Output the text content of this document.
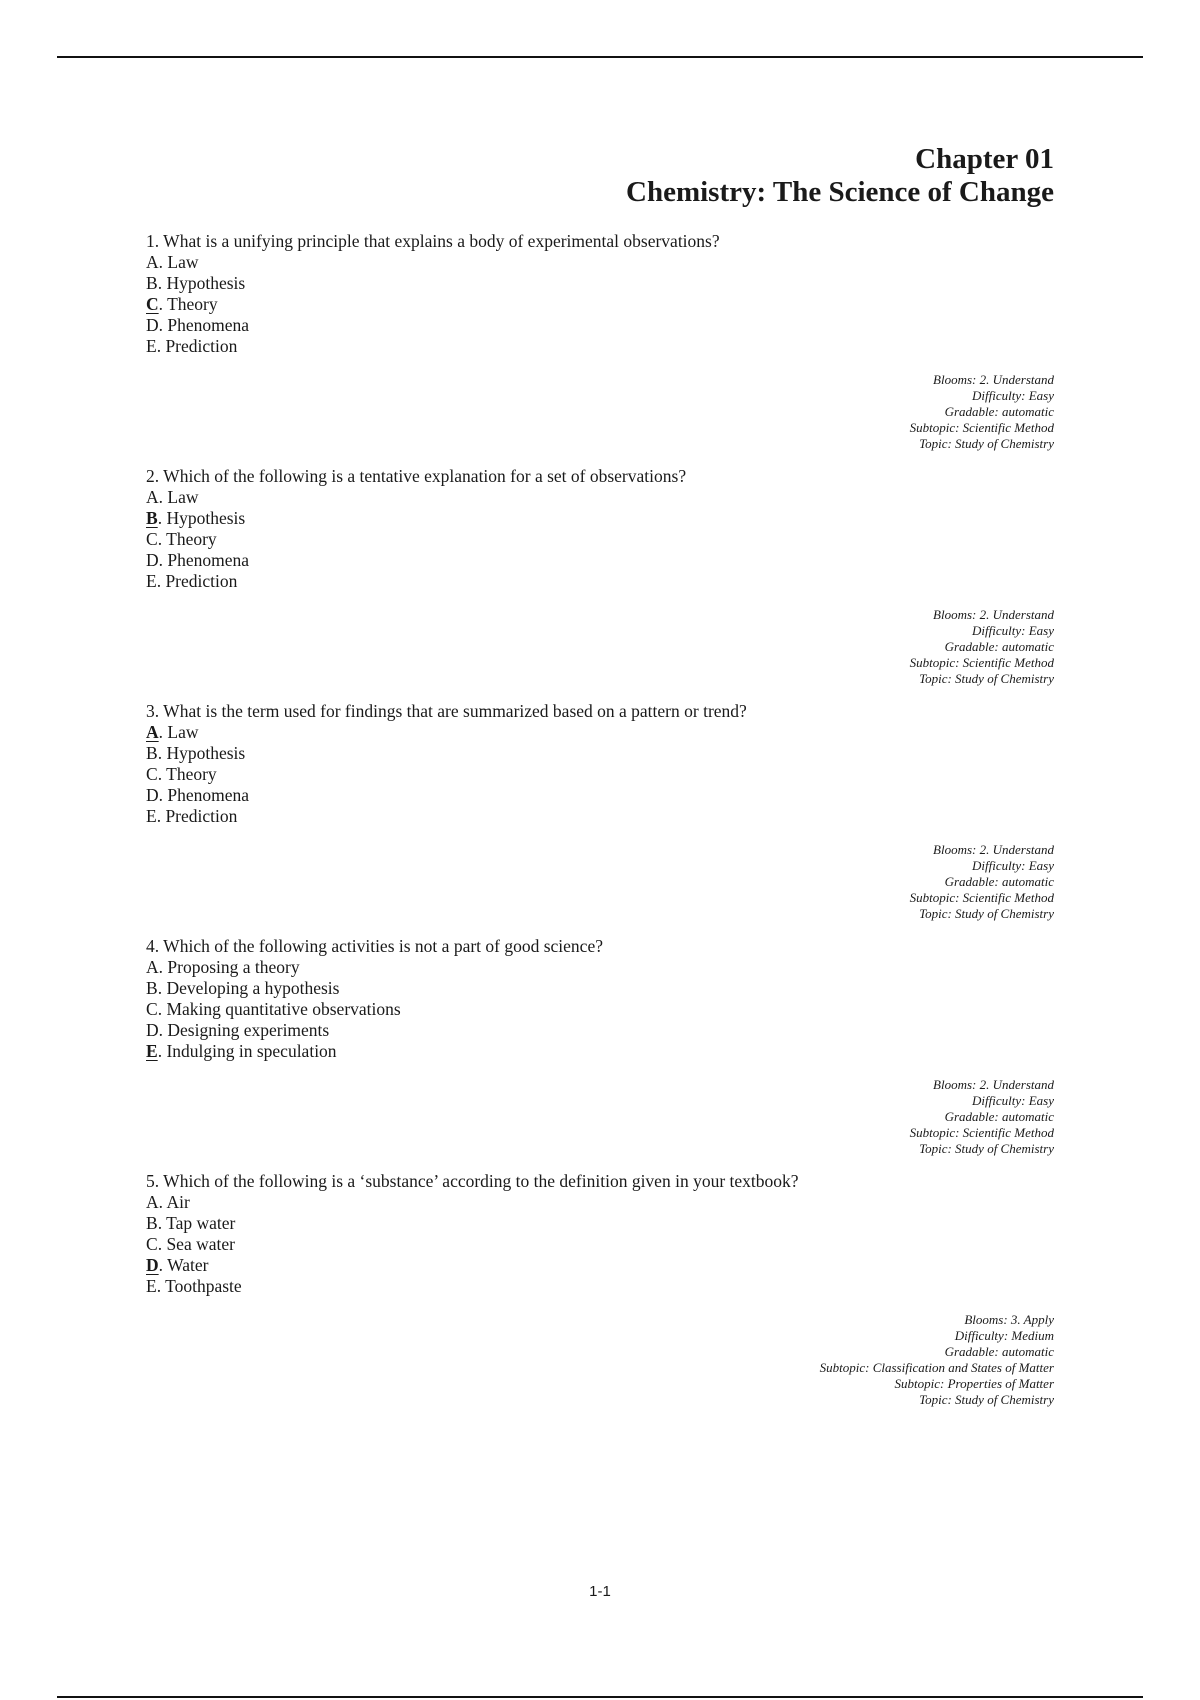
Chapter 01
Chemistry: The Science of Change
1. What is a unifying principle that explains a body of experimental observations?
A. Law
B. Hypothesis
C. Theory
D. Phenomena
E. Prediction
Blooms: 2. Understand
Difficulty: Easy
Gradable: automatic
Subtopic: Scientific Method
Topic: Study of Chemistry
2. Which of the following is a tentative explanation for a set of observations?
A. Law
B. Hypothesis
C. Theory
D. Phenomena
E. Prediction
Blooms: 2. Understand
Difficulty: Easy
Gradable: automatic
Subtopic: Scientific Method
Topic: Study of Chemistry
3. What is the term used for findings that are summarized based on a pattern or trend?
A. Law
B. Hypothesis
C. Theory
D. Phenomena
E. Prediction
Blooms: 2. Understand
Difficulty: Easy
Gradable: automatic
Subtopic: Scientific Method
Topic: Study of Chemistry
4. Which of the following activities is not a part of good science?
A. Proposing a theory
B. Developing a hypothesis
C. Making quantitative observations
D. Designing experiments
E. Indulging in speculation
Blooms: 2. Understand
Difficulty: Easy
Gradable: automatic
Subtopic: Scientific Method
Topic: Study of Chemistry
5. Which of the following is a ‘substance’ according to the definition given in your textbook?
A. Air
B. Tap water
C. Sea water
D. Water
E. Toothpaste
Blooms: 3. Apply
Difficulty: Medium
Gradable: automatic
Subtopic: Classification and States of Matter
Subtopic: Properties of Matter
Topic: Study of Chemistry
1-1
